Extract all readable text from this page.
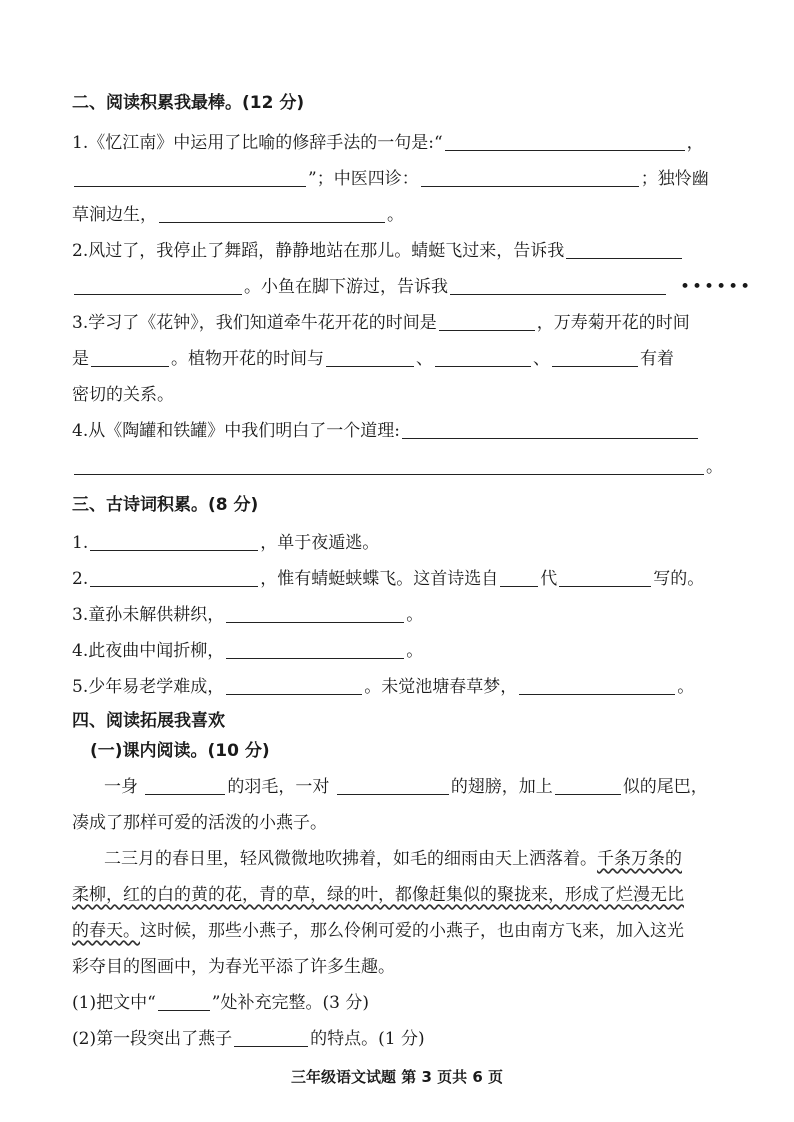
二、阅读积累我最棒。(12 分)
1.《忆江南》中运用了比喻的修辞手法的一句是:“	，
”；中医四诊：	；独怜幽
草涧边生，	。
2.风过了，我停止了舞蹈，静静地站在那儿。蜻蜓飞过来，告诉我
。小鱼在脚下游过，告诉我	••••••
3.学习了《花钟》，我们知道牵牛花开花的时间是	，万寿菊开花的时间
是	。植物开花的时间与	、	、	有着
密切的关系。
4.从《陶罐和铁罐》中我们明白了一个道理:
。
三、古诗词积累。(8 分)
1.	，单于夜遁逃。
2.	，惟有蜻蜓蛱蝶飞。这首诗选自 代	写的。
3.童孙未解供耕织，	。
4.此夜曲中闻折柳，	。
5.少年易老学难成，	。未觉池塘春草梦，	。
四、阅读拓展我喜欢
(一)课内阅读。(10 分)
一身	的羽毛，一对	的翅膀，加上	似的尾巴，
凑成了那样可爱的活泼的小燕子。
二三月的春日里，轻风微微地吹拂着，如毛的细雨由天上洒落着。千条万条的
柔柳，红的白的黄的花，青的草，绿的叶，都像赶集似的聚拢来，形成了烂漫无比
的春天。这时候，那些小燕子，那么伶俐可爱的小燕子，也由南方飞来，加入这光
彩夺目的图画中，为春光平添了许多生趣。
(1)把文中“	”处补充完整。(3 分)
(2)第一段突出了燕子	的特点。(1 分)
三年级语文试题 第 3 页共 6 页
